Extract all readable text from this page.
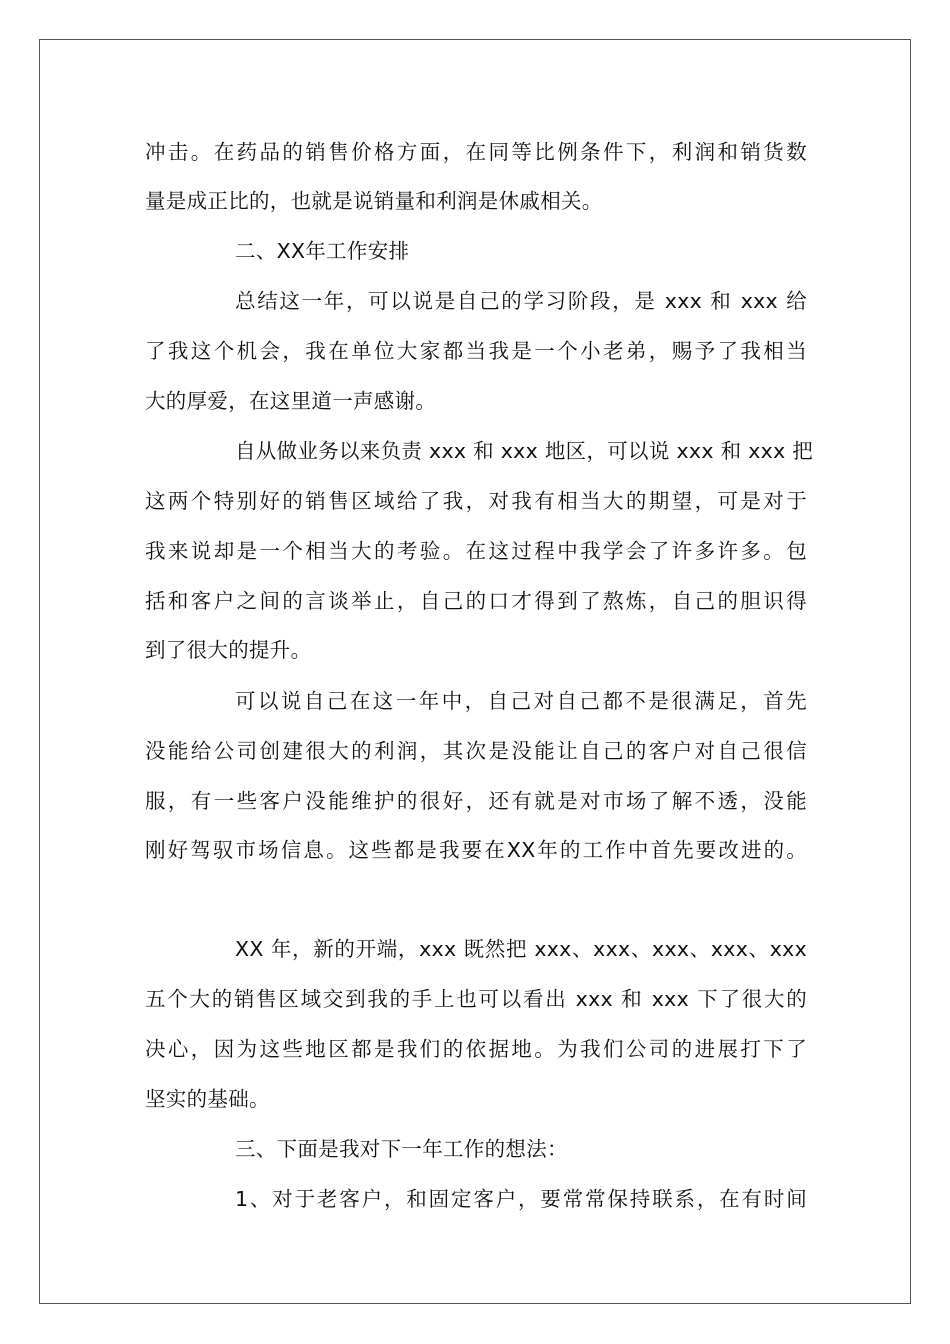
冲击。在药品的销售价格方面，在同等比例条件下，利润和销货数
量是成正比的，也就是说销量和利润是休戚相关。
二、XX年工作安排
总结这一年，可以说是自己的学习阶段，是 xxx 和 xxx 给
了我这个机会，我在单位大家都当我是一个小老弟，赐予了我相当
大的厚爱，在这里道一声感谢。
自从做业务以来负责 xxx 和 xxx 地区，可以说 xxx 和 xxx 把
这两个特别好的销售区域给了我，对我有相当大的期望，可是对于
我来说却是一个相当大的考验。在这过程中我学会了许多许多。包
括和客户之间的言谈举止，自己的口才得到了熬炼，自己的胆识得
到了很大的提升。
可以说自己在这一年中，自己对自己都不是很满足，首先
没能给公司创建很大的利润，其次是没能让自己的客户对自己很信
服，有一些客户没能维护的很好，还有就是对市场了解不透，没能
刚好驾驭市场信息。这些都是我要在XX年的工作中首先要改进的。
XX 年，新的开端，xxx 既然把 xxx、xxx、xxx、xxx、xxx
五个大的销售区域交到我的手上也可以看出 xxx 和 xxx 下了很大的
决心，因为这些地区都是我们的依据地。为我们公司的进展打下了
坚实的基础。
三、下面是我对下一年工作的想法：
1、对于老客户，和固定客户，要常常保持联系，在有时间
